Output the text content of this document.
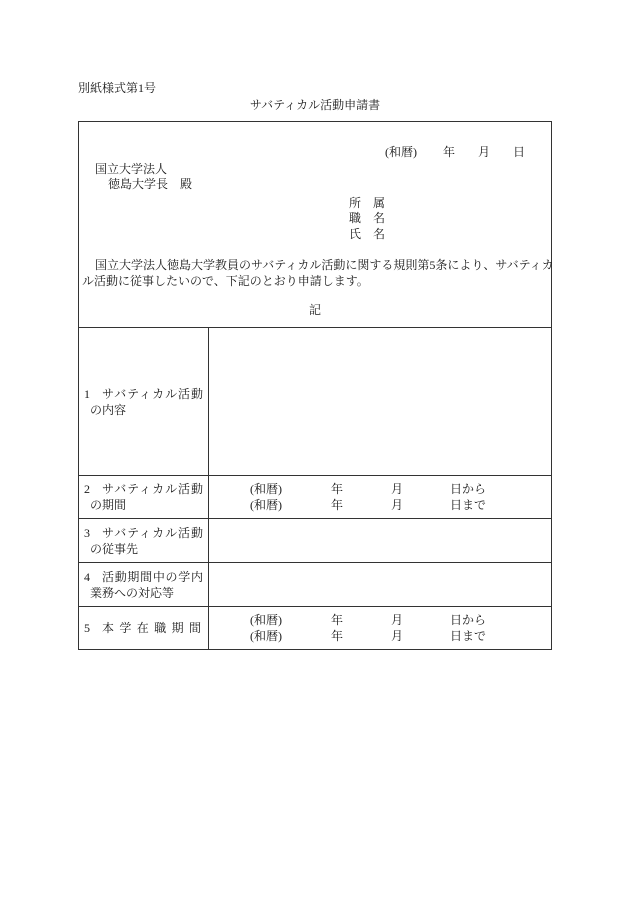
別紙様式第1号
サバティカル活動申請書
(和暦) 年 月 日
国立大学法人
徳島大学長　殿
所　属
職　名
氏　名
国立大学法人徳島大学教員のサバティカル活動に関する規則第5条により、サバティカ
ル活動に従事したいので、下記のとおり申請します。
記
1	サバティカル活動
の内容
2	サバティカル活動
の期間
(和暦)	年	月	日から
(和暦)	年	月	日まで
3	サバティカル活動
の従事先
4	活動期間中の学内
業務への対応等
5	本学在職期間
(和暦)	年	月	日から
(和暦)	年	月	日まで
